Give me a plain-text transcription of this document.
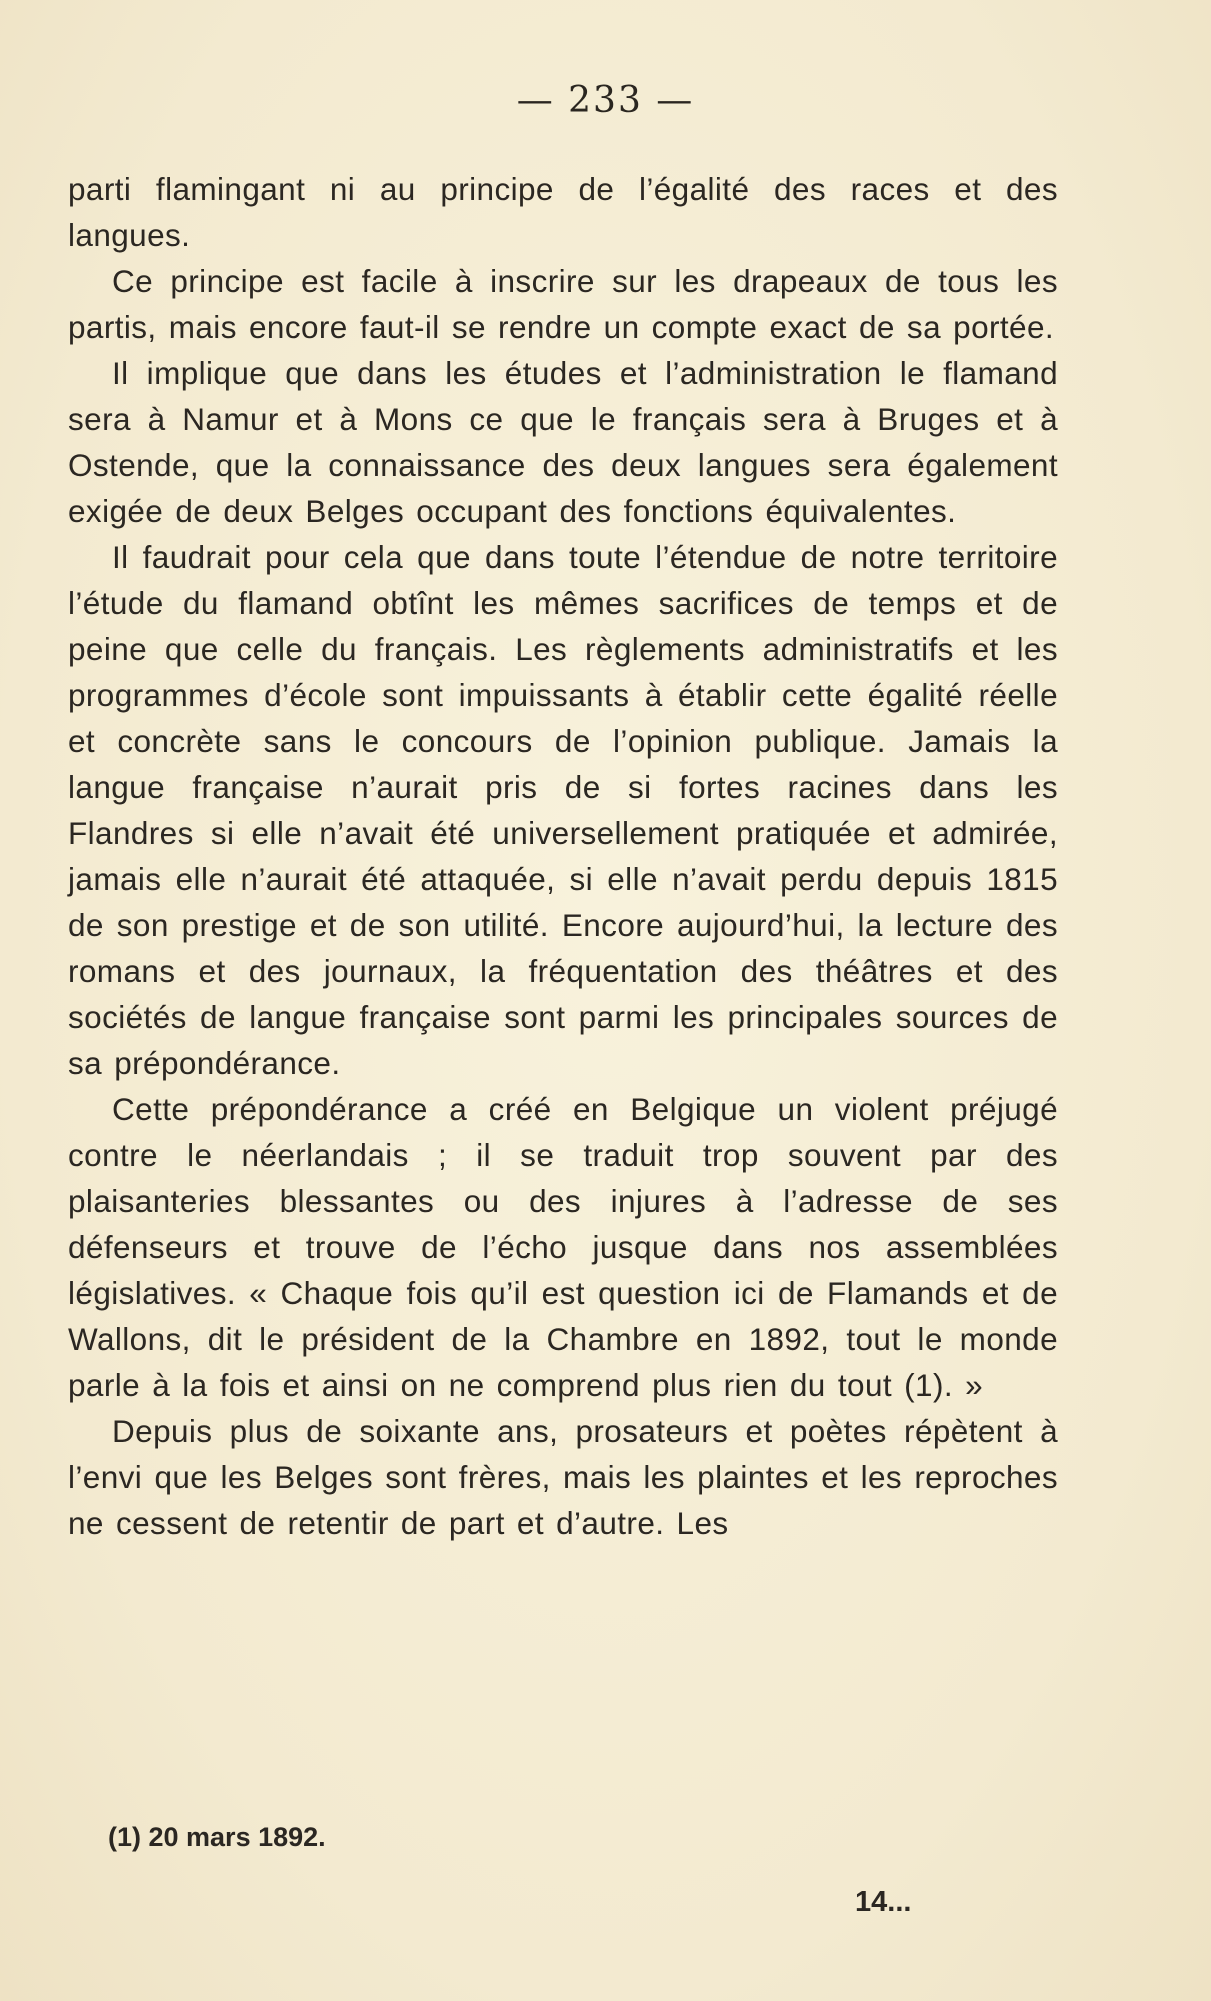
— 233 —

parti flamingant ni au principe de l’égalité des races et des langues.

Ce principe est facile à inscrire sur les drapeaux de tous les partis, mais encore faut-il se rendre un compte exact de sa portée.

Il implique que dans les études et l’administration le flamand sera à Namur et à Mons ce que le français sera à Bruges et à Ostende, que la connaissance des deux langues sera également exigée de deux Belges occupant des fonctions équivalentes.

Il faudrait pour cela que dans toute l’étendue de notre territoire l’étude du flamand obtînt les mêmes sacrifices de temps et de peine que celle du français. Les règlements administratifs et les programmes d’école sont impuissants à établir cette égalité réelle et concrète sans le concours de l’opinion publique. Jamais la langue française n’aurait pris de si fortes racines dans les Flandres si elle n’avait été universellement pratiquée et admirée, jamais elle n’aurait été attaquée, si elle n’avait perdu depuis 1815 de son prestige et de son utilité. Encore aujourd’hui, la lecture des romans et des journaux, la fréquentation des théâtres et des sociétés de langue française sont parmi les principales sources de sa prépondérance.

Cette prépondérance a créé en Belgique un violent préjugé contre le néerlandais ; il se traduit trop souvent par des plaisanteries blessantes ou des injures à l’adresse de ses défenseurs et trouve de l’écho jusque dans nos assemblées législatives. « Chaque fois qu’il est question ici de Flamands et de Wallons, dit le président de la Chambre en 1892, tout le monde parle à la fois et ainsi on ne comprend plus rien du tout (1). »

Depuis plus de soixante ans, prosateurs et poètes répètent à l’envi que les Belges sont frères, mais les plaintes et les reproches ne cessent de retentir de part et d’autre. Les

(1) 20 mars 1892.
14...
